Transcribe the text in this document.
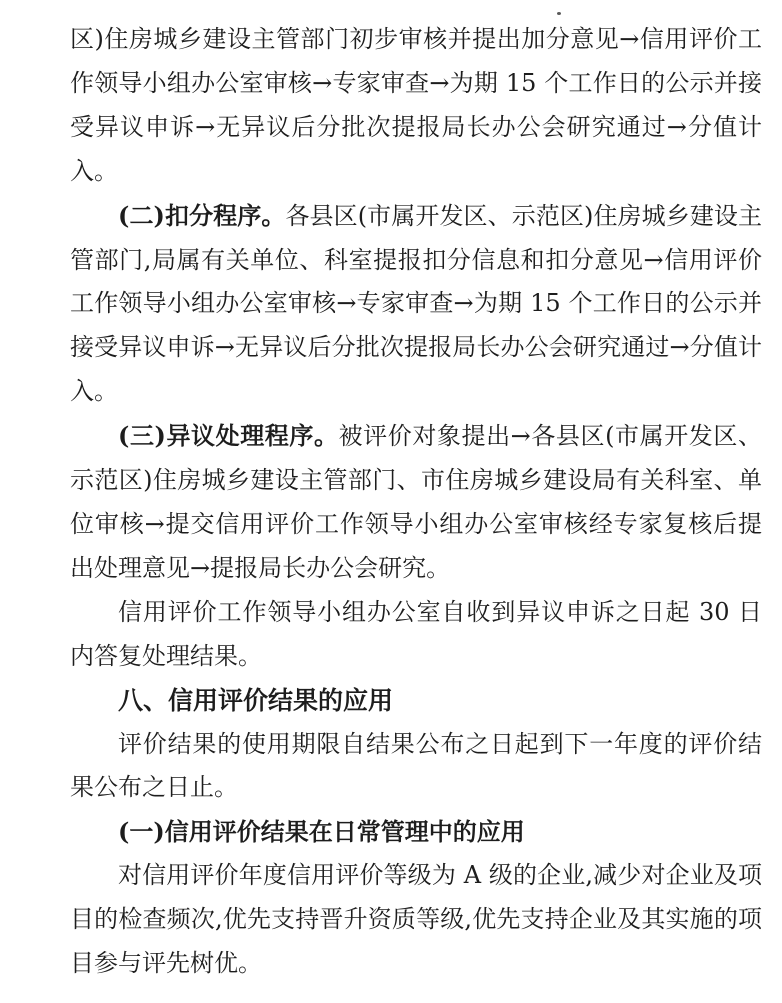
区)住房城乡建设主管部门初步审核并提出加分意见→信用评价工作领导小组办公室审核→专家审查→为期 15 个工作日的公示并接受异议申诉→无异议后分批次提报局长办公会研究通过→分值计入。

(二)扣分程序。各县区(市属开发区、示范区)住房城乡建设主管部门,局属有关单位、科室提报扣分信息和扣分意见→信用评价工作领导小组办公室审核→专家审查→为期 15 个工作日的公示并接受异议申诉→无异议后分批次提报局长办公会研究通过→分值计入。

(三)异议处理程序。被评价对象提出→各县区(市属开发区、示范区)住房城乡建设主管部门、市住房城乡建设局有关科室、单位审核→提交信用评价工作领导小组办公室审核经专家复核后提出处理意见→提报局长办公会研究。

信用评价工作领导小组办公室自收到异议申诉之日起 30 日内答复处理结果。

八、信用评价结果的应用

评价结果的使用期限自结果公布之日起到下一年度的评价结果公布之日止。

(一)信用评价结果在日常管理中的应用

对信用评价年度信用评价等级为 A 级的企业,减少对企业及项目的检查频次,优先支持晋升资质等级,优先支持企业及其实施的项目参与评先树优。
